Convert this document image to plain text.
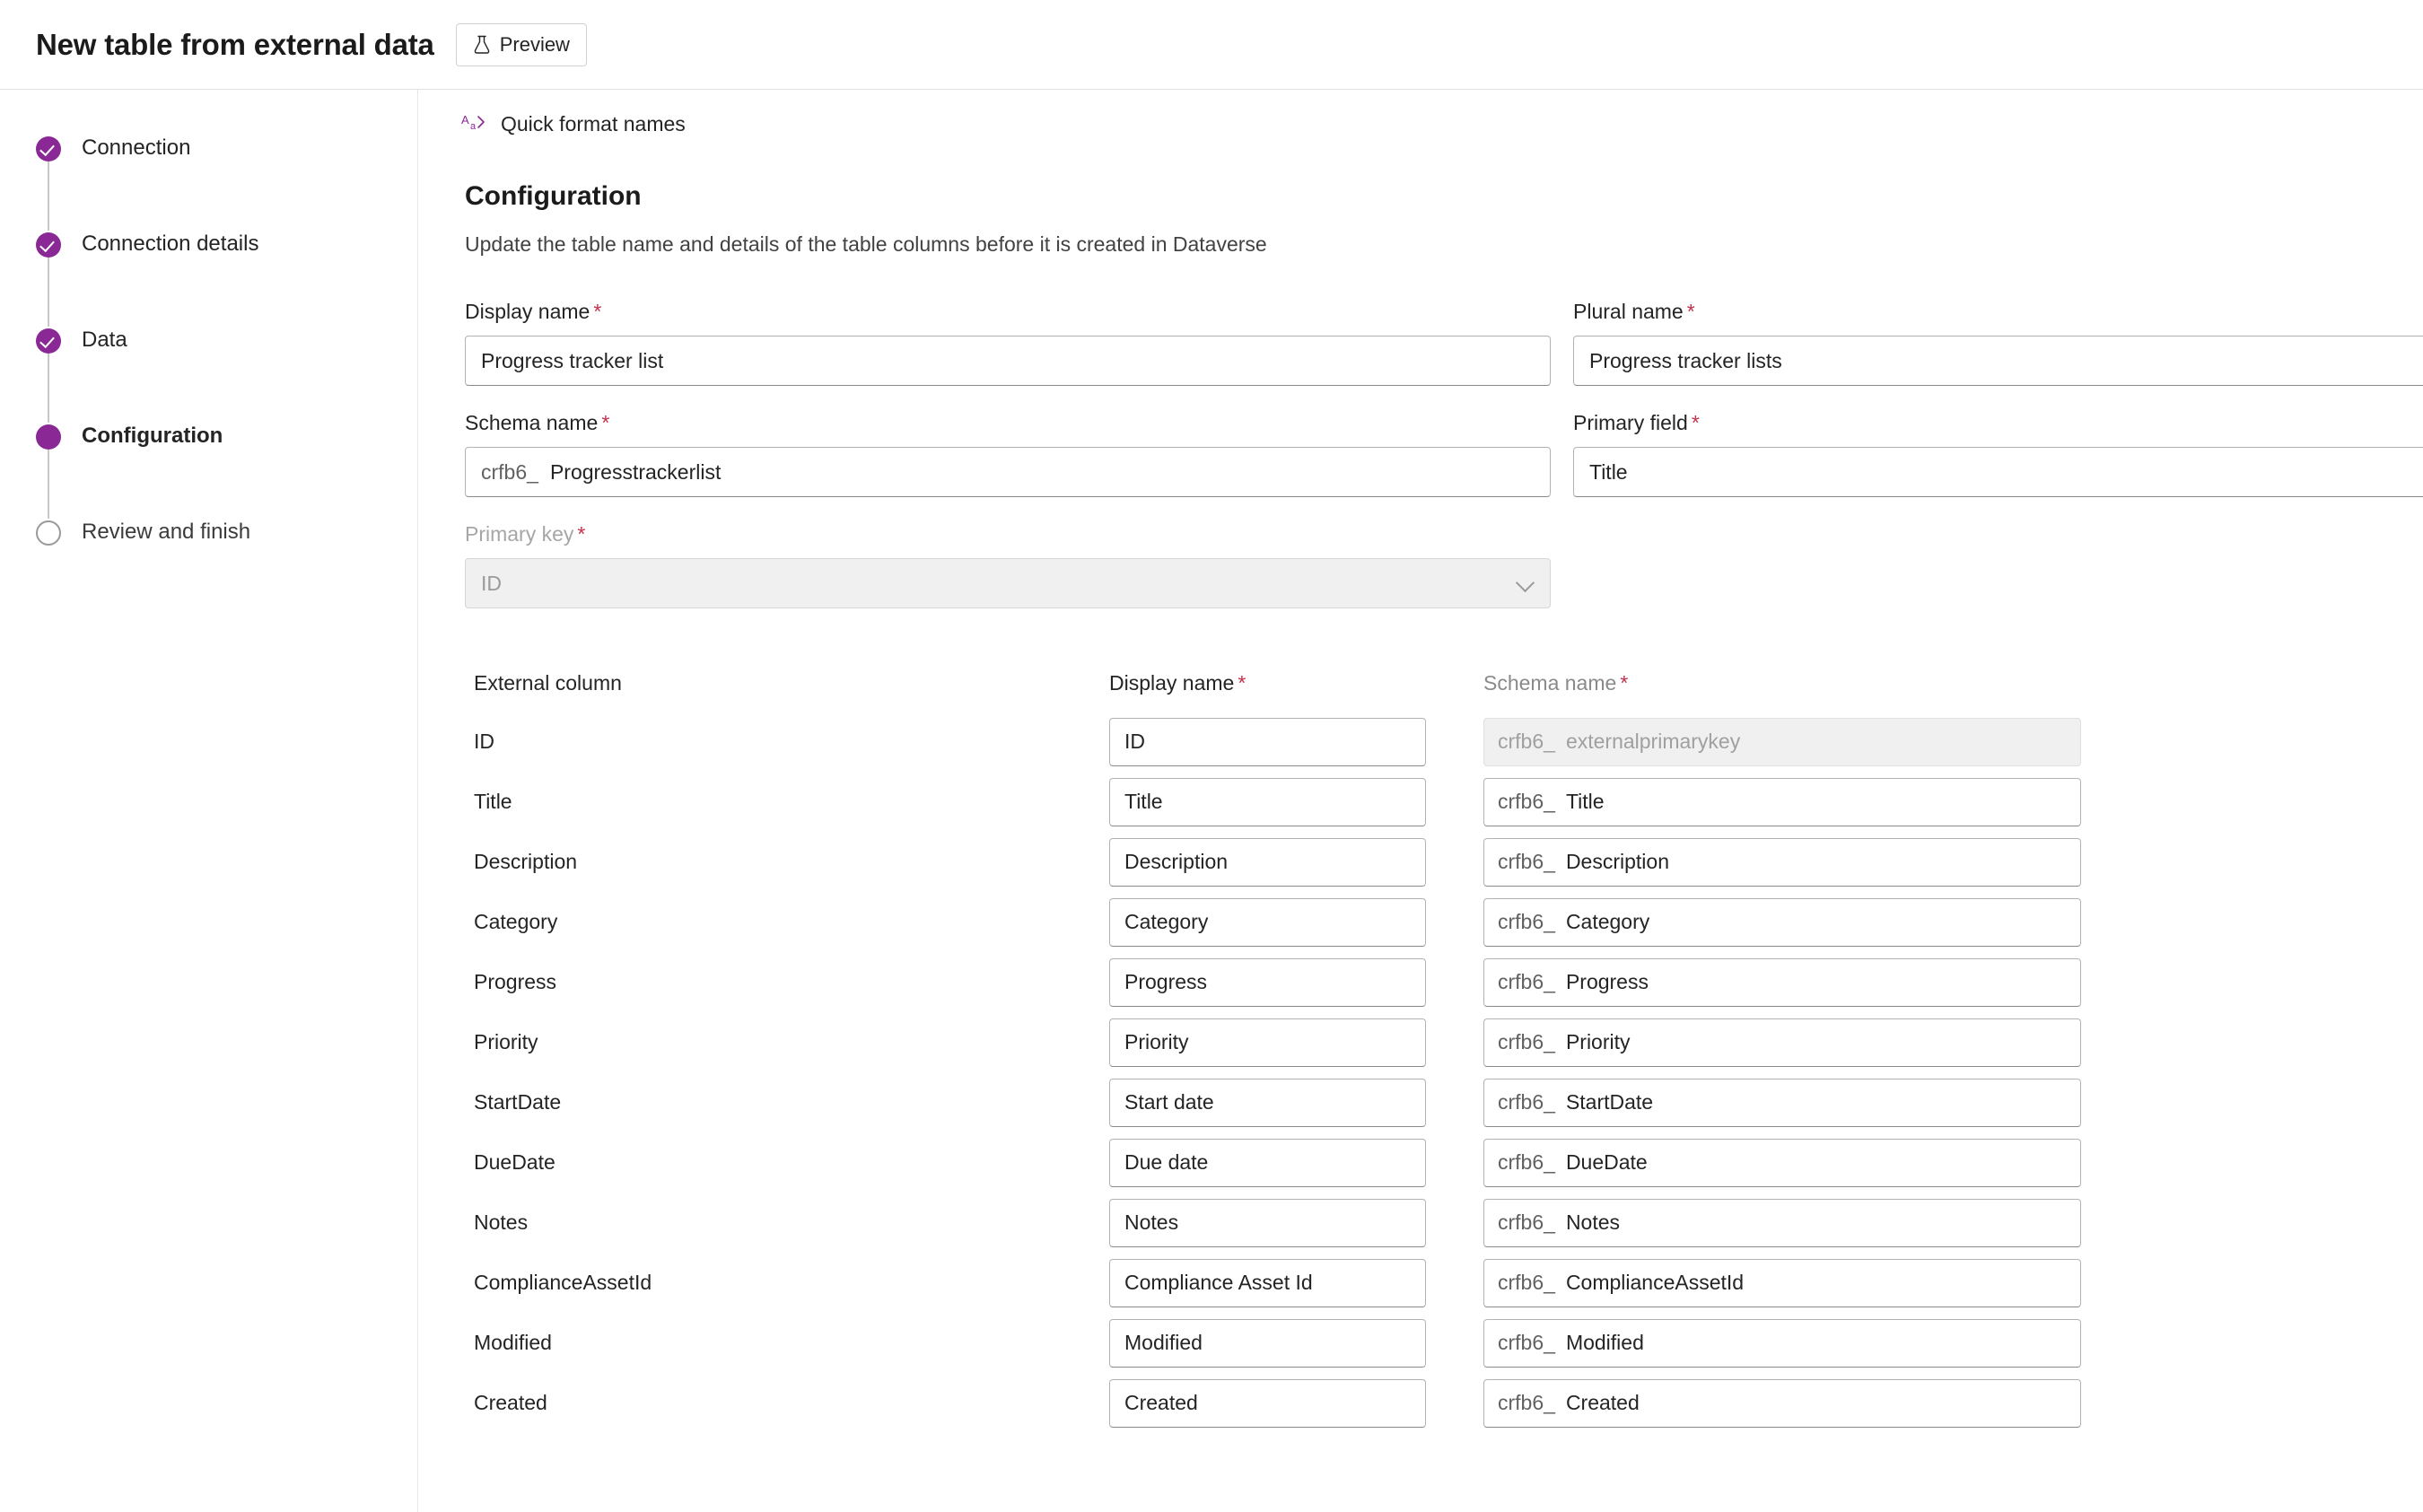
New table from external data	Preview
Connection
Connection details
Data
Configuration
Review and finish
A a Quick format names
Configuration
Update the table name and details of the table columns before it is created in Dataverse
Display name *
Progress tracker list
Plural name *
Progress tracker lists
Schema name *
crfb6_ Progresstrackerlist
Primary field *
Title
Primary key *
ID
External column	Display name *	Schema name *
ID	ID	crfb6_ externalprimarykey
Title	Title	crfb6_ Title
Description	Description	crfb6_ Description
Category	Category	crfb6_ Category
Progress	Progress	crfb6_ Progress
Priority	Priority	crfb6_ Priority
StartDate	Start date	crfb6_ StartDate
DueDate	Due date	crfb6_ DueDate
Notes	Notes	crfb6_ Notes
ComplianceAssetId	Compliance Asset Id	crfb6_ ComplianceAssetId
Modified	Modified	crfb6_ Modified
Created	Created	crfb6_ Created
